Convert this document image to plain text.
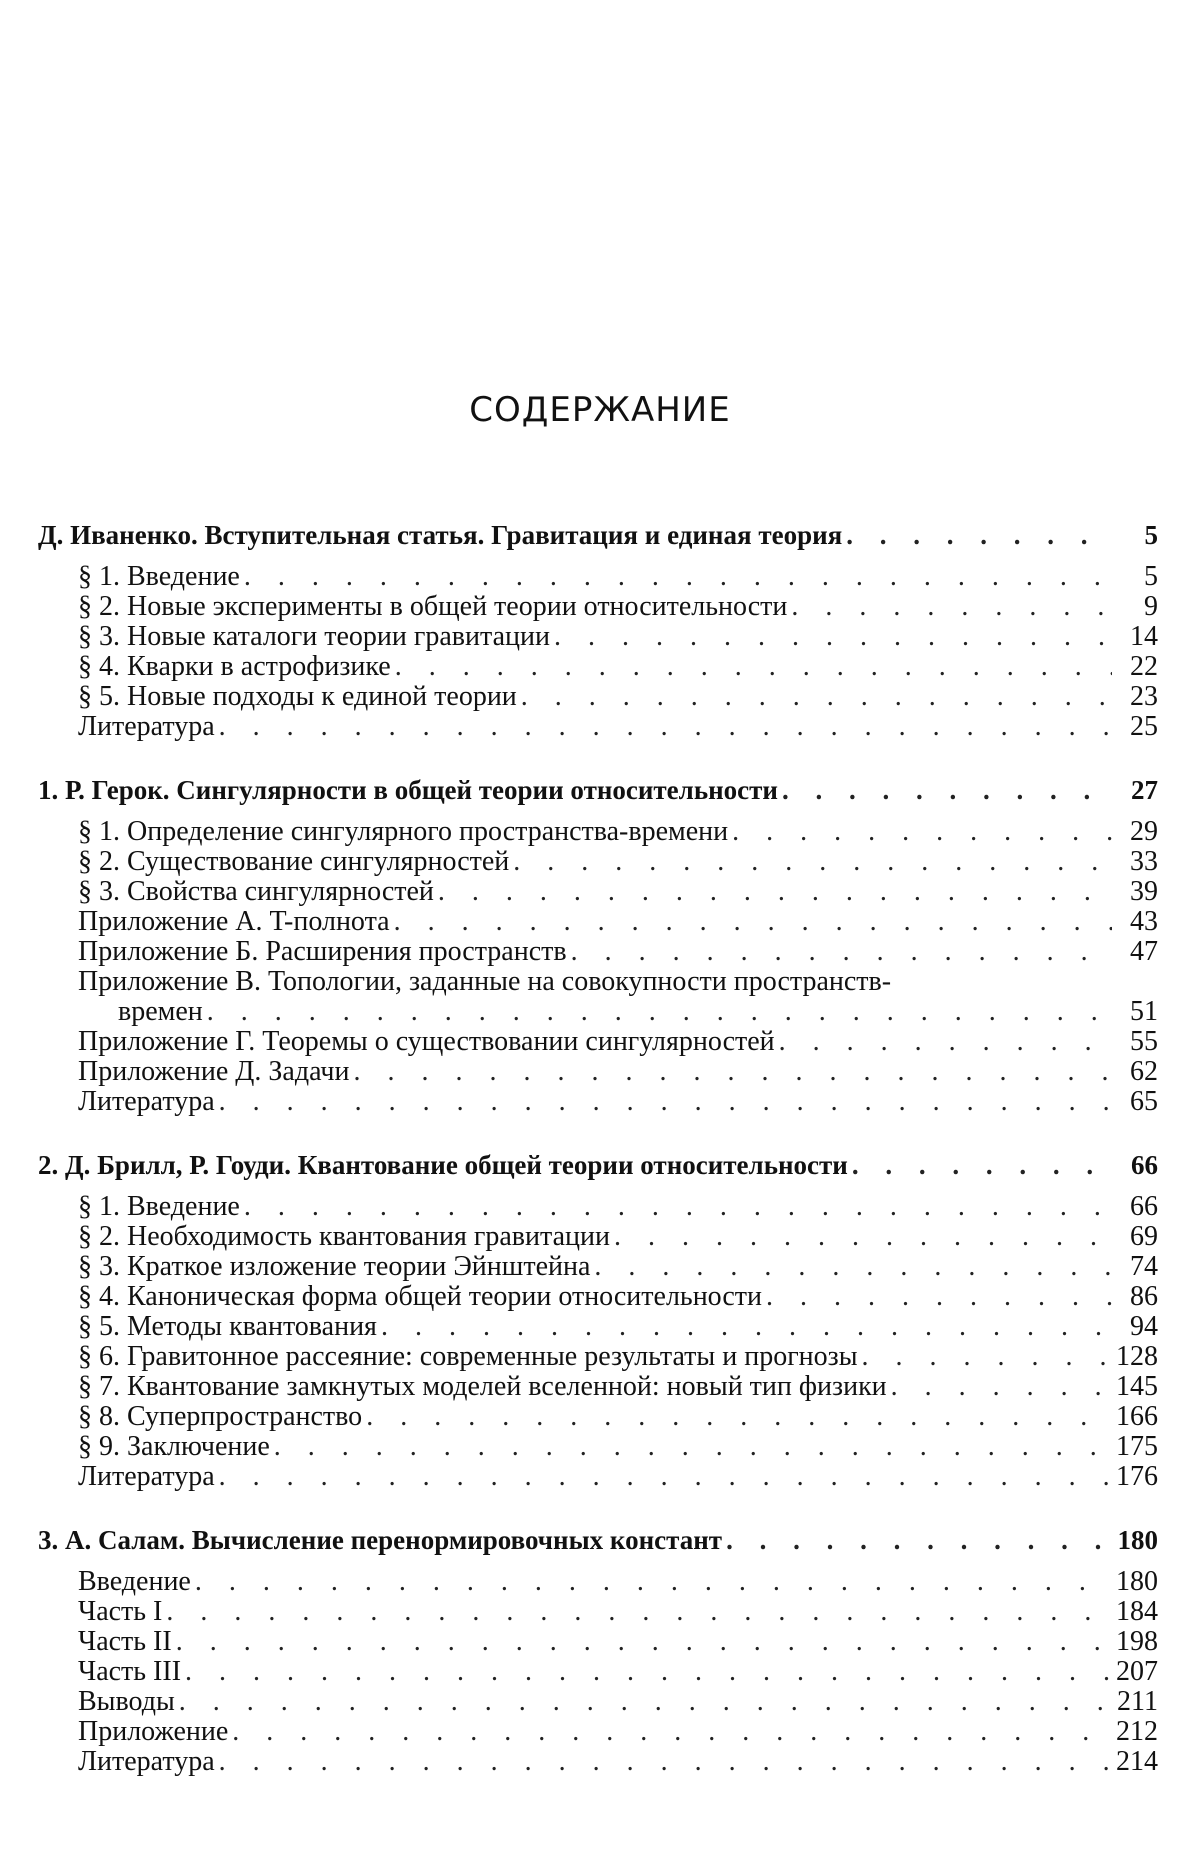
СОДЕРЖАНИЕ
Д. Иваненко. Вступительная статья. Гравитация и единая теория . . .	5
§ 1. Введение . . .	5
§ 2. Новые эксперименты в общей теории относительности . . .	9
§ 3. Новые каталоги теории гравитации . . .	14
§ 4. Кварки в астрофизике . . .	22
§ 5. Новые подходы к единой теории . . .	23
Литература . . .	25
1. Р. Герок. Сингулярности в общей теории относительности . . .	27
§ 1. Определение сингулярного пространства-времени . . .	29
§ 2. Существование сингулярностей . . .	33
§ 3. Свойства сингулярностей . . .	39
Приложение А. T-полнота . . .	43
Приложение Б. Расширения пространств . . .	47
Приложение В. Топологии, заданные на совокупности пространств-
времен . . .	51
Приложение Г. Теоремы о существовании сингулярностей . . .	55
Приложение Д. Задачи . . .	62
Литература . . .	65
2. Д. Брилл, Р. Гоуди. Квантование общей теории относительности . . .	66
§ 1. Введение . . .	66
§ 2. Необходимость квантования гравитации . . .	69
§ 3. Краткое изложение теории Эйнштейна . . .	74
§ 4. Каноническая форма общей теории относительности . . .	86
§ 5. Методы квантования . . .	94
§ 6. Гравитонное рассеяние: современные результаты и прогнозы . . .	128
§ 7. Квантование замкнутых моделей вселенной: новый тип физики . . .	145
§ 8. Суперпространство . . .	166
§ 9. Заключение . . .	175
Литература . . .	176
3. А. Салам. Вычисление перенормировочных констант . . .	180
Введение . . .	180
Часть I . . .	184
Часть II . . .	198
Часть III . . .	207
Выводы . . .	211
Приложение . . .	212
Литература . . .	214
